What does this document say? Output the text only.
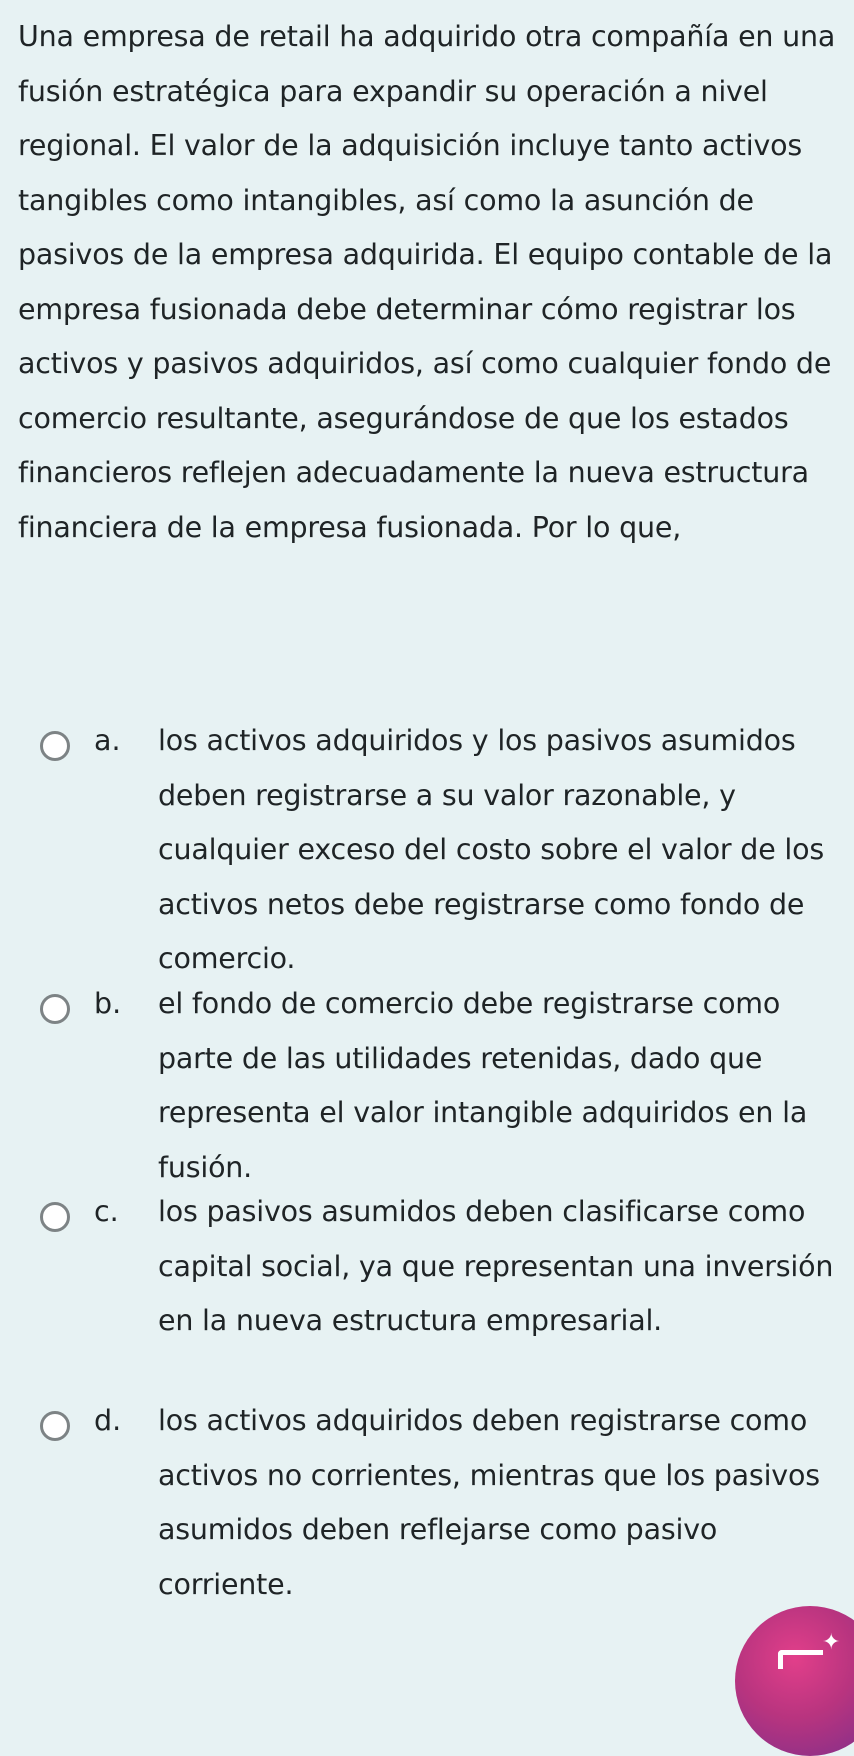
Una empresa de retail ha adquirido otra compañía en una fusión estratégica para expandir su operación a nivel regional. El valor de la adquisición incluye tanto activos tangibles como intangibles, así como la asunción de pasivos de la empresa adquirida. El equipo contable de la empresa fusionada debe determinar cómo registrar los activos y pasivos adquiridos, así como cualquier fondo de comercio resultante, asegurándose de que los estados financieros reflejen adecuadamente la nueva estructura financiera de la empresa fusionada. Por lo que,

a. los activos adquiridos y los pasivos asumidos deben registrarse a su valor razonable, y cualquier exceso del costo sobre el valor de los activos netos debe registrarse como fondo de comercio.
b. el fondo de comercio debe registrarse como parte de las utilidades retenidas, dado que representa el valor intangible adquiridos en la fusión.
c. los pasivos asumidos deben clasificarse como capital social, ya que representan una inversión en la nueva estructura empresarial.
d. los activos adquiridos deben registrarse como activos no corrientes, mientras que los pasivos asumidos deben reflejarse como pasivo corriente.
✦
